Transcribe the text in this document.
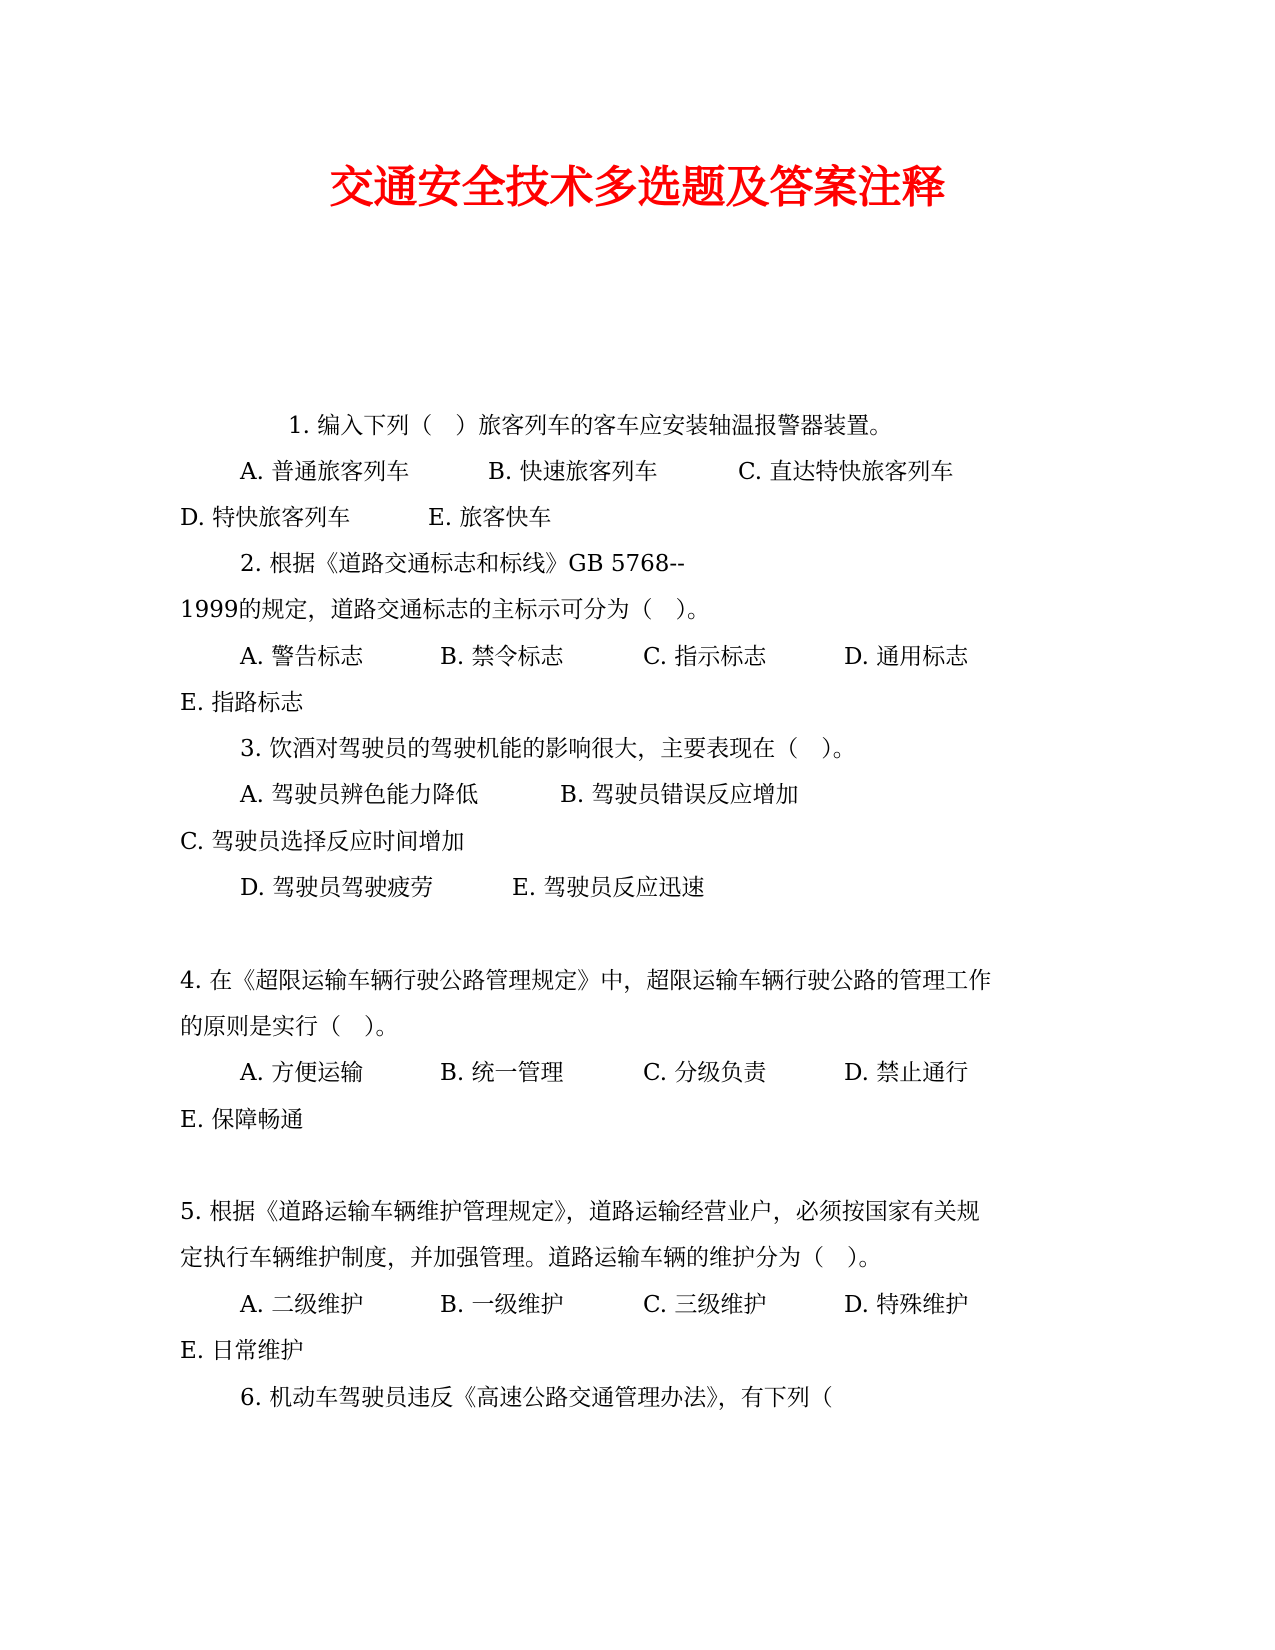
交通安全技术多选题及答案注释
1. 编入下列（　）旅客列车的客车应安装轴温报警器装置。
A. 普通旅客列车	B. 快速旅客列车	C. 直达特快旅客列车
D. 特快旅客列车	E. 旅客快车
2. 根据《道路交通标志和标线》GB 5768--
1999的规定，道路交通标志的主标示可分为（　）。
A. 警告标志	B. 禁令标志	C. 指示标志	D. 通用标志
E. 指路标志
3. 饮酒对驾驶员的驾驶机能的影响很大，主要表现在（　）。
A. 驾驶员辨色能力降低	B. 驾驶员错误反应增加
C. 驾驶员选择反应时间增加
D. 驾驶员驾驶疲劳	E. 驾驶员反应迅速
4. 在《超限运输车辆行驶公路管理规定》中，超限运输车辆行驶公路的管理工作
的原则是实行（　）。
A. 方便运输	B. 统一管理	C. 分级负责	D. 禁止通行
E. 保障畅通
5. 根据《道路运输车辆维护管理规定》，道路运输经营业户，必须按国家有关规
定执行车辆维护制度，并加强管理。道路运输车辆的维护分为（　）。
A. 二级维护	B. 一级维护	C. 三级维护	D. 特殊维护
E. 日常维护
6. 机动车驾驶员违反《高速公路交通管理办法》，有下列（
